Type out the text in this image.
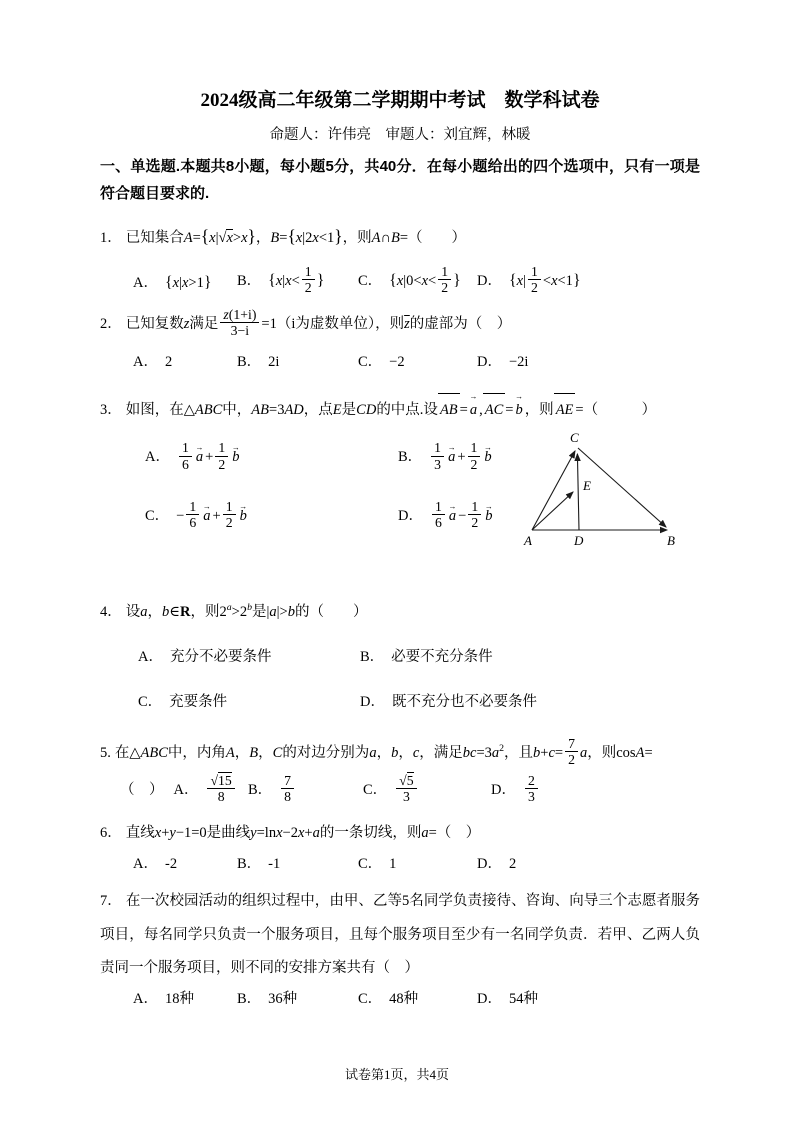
2024级高二年级第二学期期中考试　数学科试卷
命题人：许伟亮　审题人：刘宜辉，林暖
一、单选题.本题共8小题，每小题5分，共40分．在每小题给出的四个选项中，只有一项是符合题目要求的.
1． 已知集合A={x| √ x>x}，B={x|2x<1}，则A∩B=（　　）
A． {x|x>1}	B． {$x|x< \frac{1}{2}$ }	C． {$x|0<x< \frac{1}{2}$ }	D． $\{x| \frac{1}{2} <x<1\}$
2． 已知复数z满足 $\frac{z(1+i)}{3-i} =1(i$为虚数单位），则$\overline{z}$的虚部为（　）
A． 2	B． 2i	C． −2	D． −2i
3． 如图，在△ABC中，AB=3AD，点E是CD的中点.设 AB = → a , AC = → b ，则 AE =（　　　）
A． $\frac{1}{6} \to a + \frac{1}{2} \to b$	B． $\frac{1}{3} \to a + \frac{1}{2} \to b$
C． − $\frac{1}{6} \to a + \frac{1}{2} \to b$	D． $\frac{1}{6} \to a - \frac{1}{2} \to b$
A	D	B
C
E
4． 设a，b∈R，则$2^a>2^b$是|a|>b的（　　）
A． 充分不必要条件	B． 必要不充分条件
C． 充要条件	D． 既不充分也不必要条件
5. 在△ABC中，内角A，B，C的对边分别为a，b，c，满足$bc=3a^2$，且$b+c= \frac{7}{2}$ a，则cosA=
（　） A． √ $\frac{15}{8}$ B． $\frac{7}{8}$	C． √ $\frac{5}{3}$	D． $\frac{2}{3}$
6． 直线x+y−1=0是曲线y=lnx−2x+a的一条切线，则a=（　）
A． -2	B． -1	C． 1	D． 2
7． 在一次校园活动的组织过程中，由甲、乙等5名同学负责接待、咨询、向导三个志愿者服务项目，每名同学只负责一个服务项目，且每个服务项目至少有一名同学负责．若甲、乙两人负责同一个服务项目，则不同的安排方案共有（　）
A． 18种	B． 36种	C． 48种	D． 54种
试卷第1页，共4页
